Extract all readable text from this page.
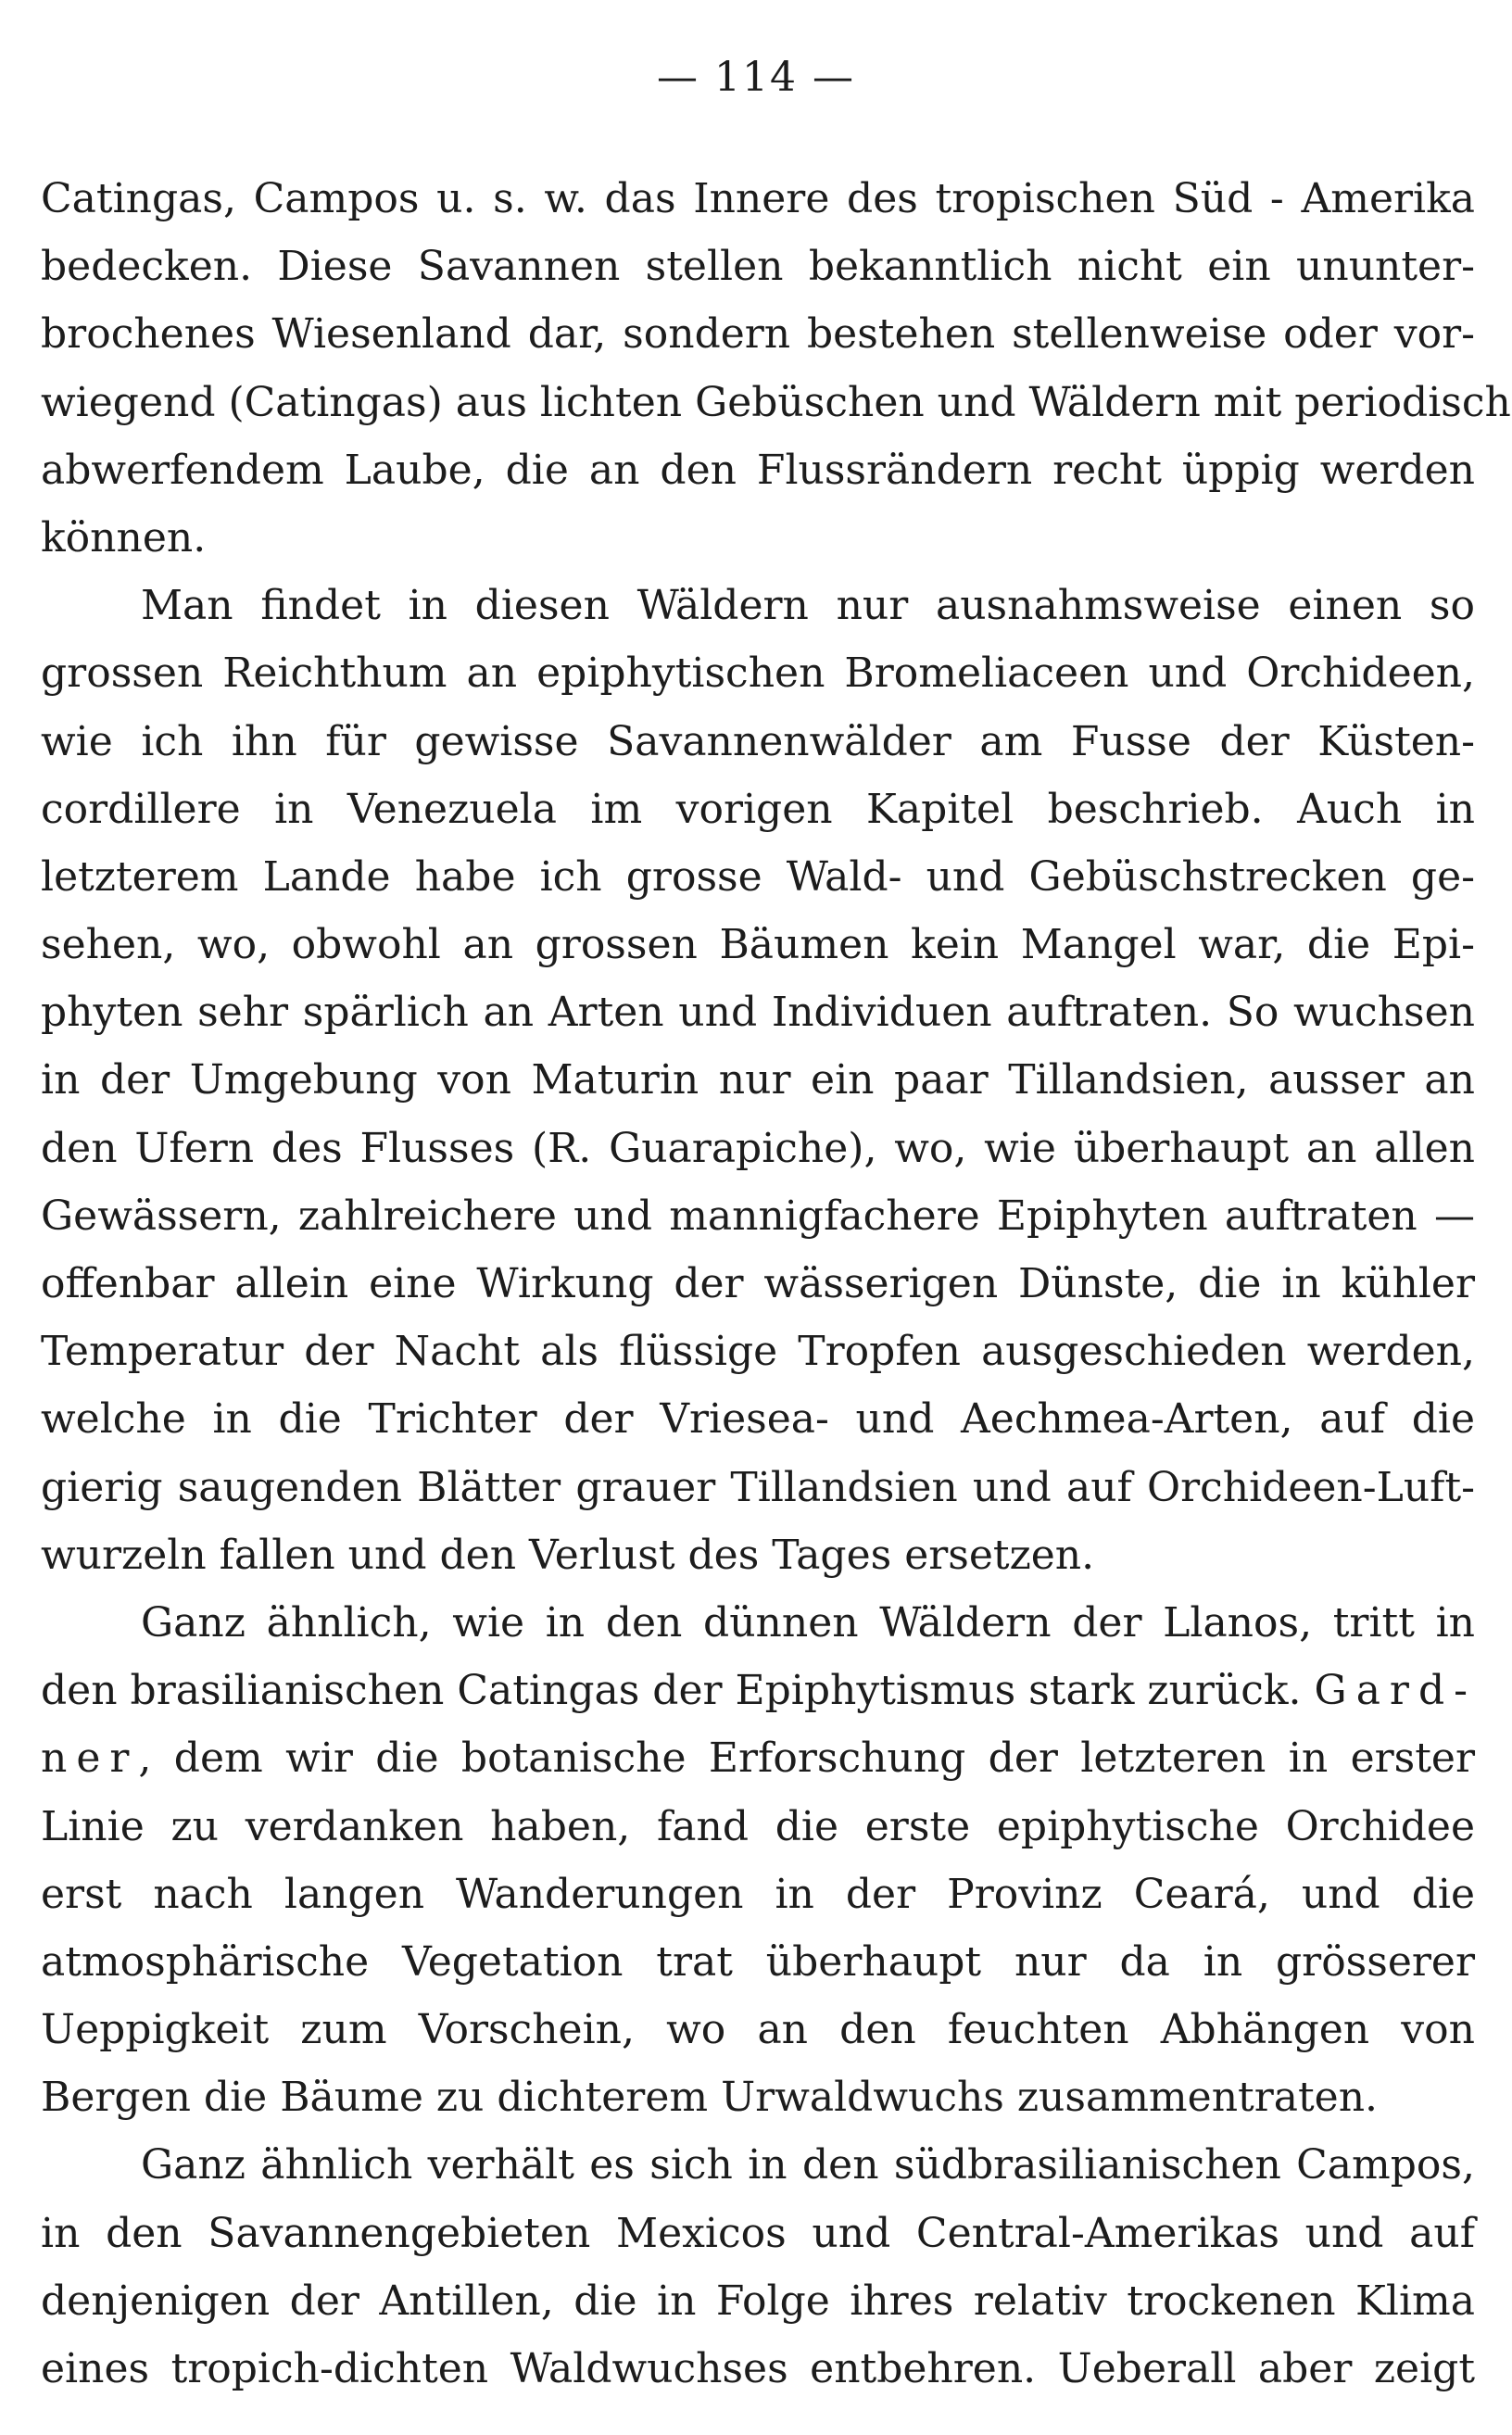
— 114 —
Catingas, Campos u. s. w. das Innere des tropischen Süd - Amerika
bedecken. Diese Savannen stellen bekanntlich nicht ein ununter-
brochenes Wiesenland dar, sondern bestehen stellenweise oder vor-
wiegend (Catingas) aus lichten Gebüschen und Wäldern mit periodisch
abwerfendem Laube, die an den Flussrändern recht üppig werden
können.
Man findet in diesen Wäldern nur ausnahmsweise einen so
grossen Reichthum an epiphytischen Bromeliaceen und Orchideen,
wie ich ihn für gewisse Savannenwälder am Fusse der Küsten-
cordillere in Venezuela im vorigen Kapitel beschrieb. Auch in
letzterem Lande habe ich grosse Wald- und Gebüschstrecken ge-
sehen, wo, obwohl an grossen Bäumen kein Mangel war, die Epi-
phyten sehr spärlich an Arten und Individuen auftraten. So wuchsen
in der Umgebung von Maturin nur ein paar Tillandsien, ausser an
den Ufern des Flusses (R. Guarapiche), wo, wie überhaupt an allen
Gewässern, zahlreichere und mannigfachere Epiphyten auftraten —
offenbar allein eine Wirkung der wässerigen Dünste, die in kühler
Temperatur der Nacht als flüssige Tropfen ausgeschieden werden,
welche in die Trichter der Vriesea- und Aechmea-Arten, auf die
gierig saugenden Blätter grauer Tillandsien und auf Orchideen-Luft-
wurzeln fallen und den Verlust des Tages ersetzen.
Ganz ähnlich, wie in den dünnen Wäldern der Llanos, tritt in
den brasilianischen Catingas der Epiphytismus stark zurück. Gard-
ner, dem wir die botanische Erforschung der letzteren in erster
Linie zu verdanken haben, fand die erste epiphytische Orchidee
erst nach langen Wanderungen in der Provinz Ceará, und die
atmosphärische Vegetation trat überhaupt nur da in grösserer
Ueppigkeit zum Vorschein, wo an den feuchten Abhängen von
Bergen die Bäume zu dichterem Urwaldwuchs zusammentraten.
Ganz ähnlich verhält es sich in den südbrasilianischen Campos,
in den Savannengebieten Mexicos und Central-Amerikas und auf
denjenigen der Antillen, die in Folge ihres relativ trockenen Klima
eines tropich-dichten Waldwuchses entbehren. Ueberall aber zeigt
